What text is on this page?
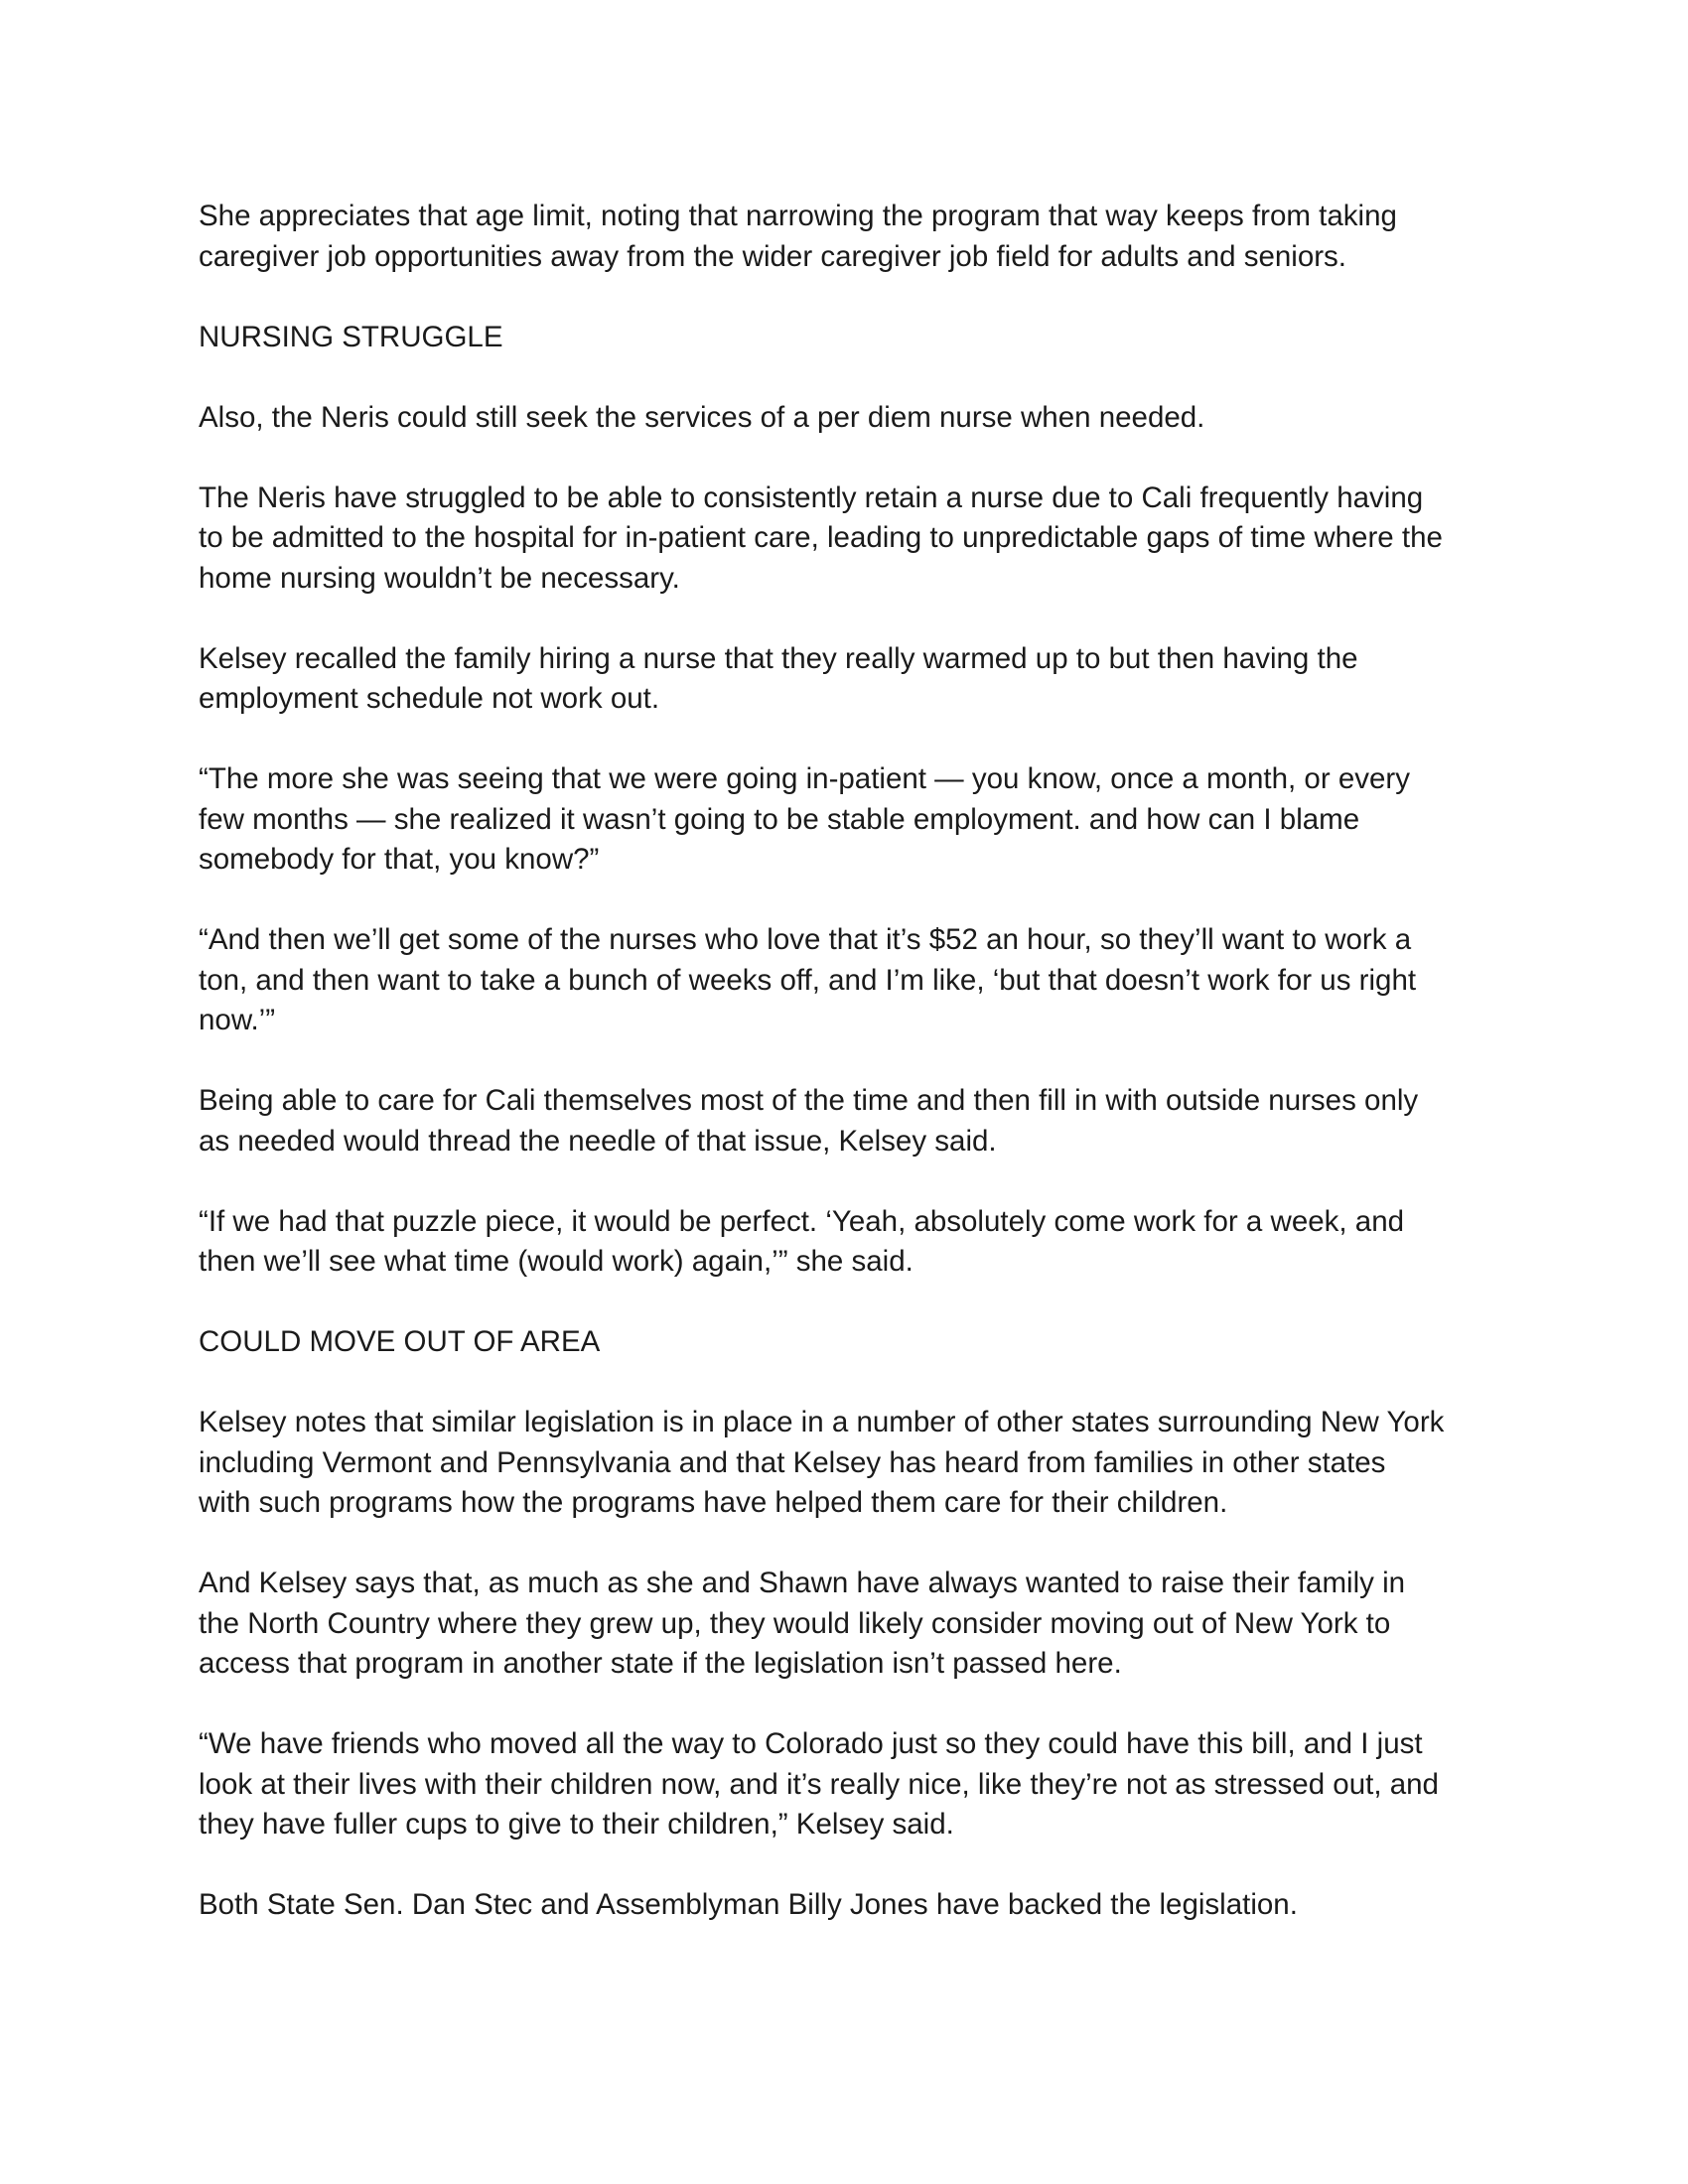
She appreciates that age limit, noting that narrowing the program that way keeps from taking
caregiver job opportunities away from the wider caregiver job field for adults and seniors.
NURSING STRUGGLE
Also, the Neris could still seek the services of a per diem nurse when needed.
The Neris have struggled to be able to consistently retain a nurse due to Cali frequently having
to be admitted to the hospital for in-patient care, leading to unpredictable gaps of time where the
home nursing wouldn’t be necessary.
Kelsey recalled the family hiring a nurse that they really warmed up to but then having the
employment schedule not work out.
“The more she was seeing that we were going in-patient — you know, once a month, or every
few months — she realized it wasn’t going to be stable employment. and how can I blame
somebody for that, you know?”
“And then we’ll get some of the nurses who love that it’s $52 an hour, so they’ll want to work a
ton, and then want to take a bunch of weeks off, and I’m like, ‘but that doesn’t work for us right
now.’”
Being able to care for Cali themselves most of the time and then fill in with outside nurses only
as needed would thread the needle of that issue, Kelsey said.
“If we had that puzzle piece, it would be perfect. ‘Yeah, absolutely come work for a week, and
then we’ll see what time (would work) again,’” she said.
COULD MOVE OUT OF AREA
Kelsey notes that similar legislation is in place in a number of other states surrounding New York
including Vermont and Pennsylvania and that Kelsey has heard from families in other states
with such programs how the programs have helped them care for their children.
And Kelsey says that, as much as she and Shawn have always wanted to raise their family in
the North Country where they grew up, they would likely consider moving out of New York to
access that program in another state if the legislation isn’t passed here.
“We have friends who moved all the way to Colorado just so they could have this bill, and I just
look at their lives with their children now, and it’s really nice, like they’re not as stressed out, and
they have fuller cups to give to their children,” Kelsey said.
Both State Sen. Dan Stec and Assemblyman Billy Jones have backed the legislation.
